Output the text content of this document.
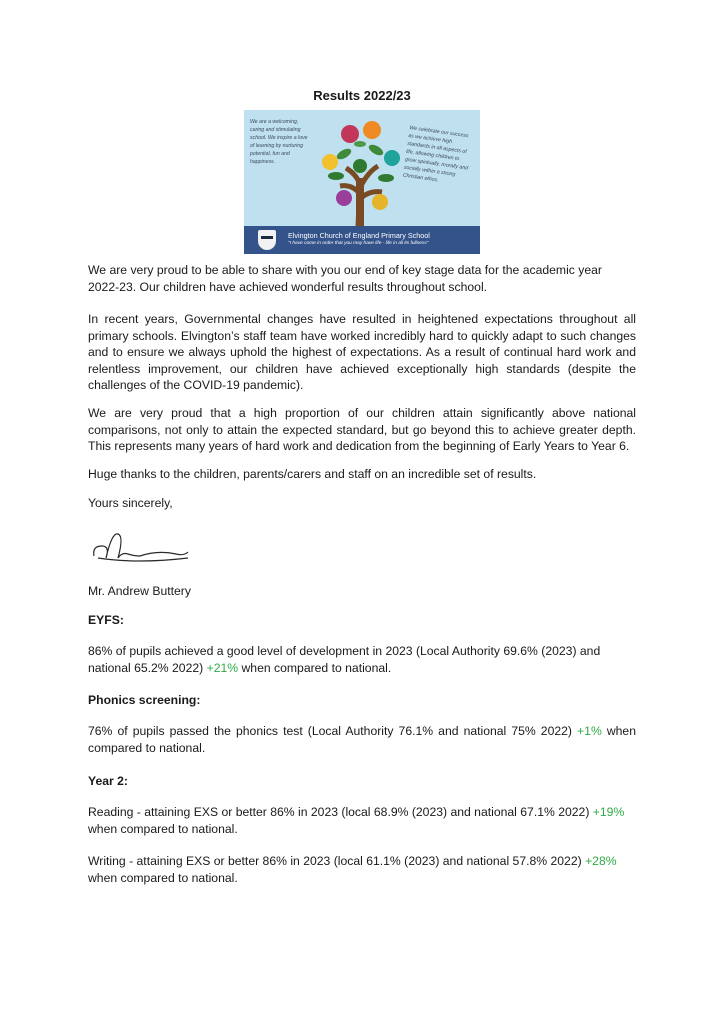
Results 2022/23
We are a welcoming, caring and stimulating school. We inspire a love of learning by nurturing potential, fun and happiness.
We celebrate our success as we achieve high standards in all aspects of life, allowing children to grow spiritually, morally and socially within a strong Christian ethos.
Elvington Church of England Primary School
"I have come in order that you may have life - life in all its fullness"

We are very proud to be able to share with you our end of key stage data for the academic year 2022-23. Our children have achieved wonderful results throughout school.

In recent years, Governmental changes have resulted in heightened expectations throughout all primary schools. Elvington’s staff team have worked incredibly hard to quickly adapt to such changes and to ensure we always uphold the highest of expectations. As a result of continual hard work and relentless improvement, our children have achieved exceptionally high standards (despite the challenges of the COVID-19 pandemic).

We are very proud that a high proportion of our children attain significantly above national comparisons, not only to attain the expected standard, but go beyond this to achieve greater depth. This represents many years of hard work and dedication from the beginning of Early Years to Year 6.

Huge thanks to the children, parents/carers and staff on an incredible set of results.

Yours sincerely,

Mr. Andrew Buttery

EYFS:

86% of pupils achieved a good level of development in 2023 (Local Authority 69.6% (2023) and national 65.2% 2022) +21% when compared to national.

Phonics screening:

76% of pupils passed the phonics test (Local Authority 76.1% and national 75% 2022) +1% when compared to national.

Year 2:

Reading - attaining EXS or better 86% in 2023 (local 68.9% (2023) and national 67.1% 2022) +19% when compared to national.

Writing - attaining EXS or better 86% in 2023 (local 61.1% (2023) and national 57.8% 2022) +28% when compared to national.
